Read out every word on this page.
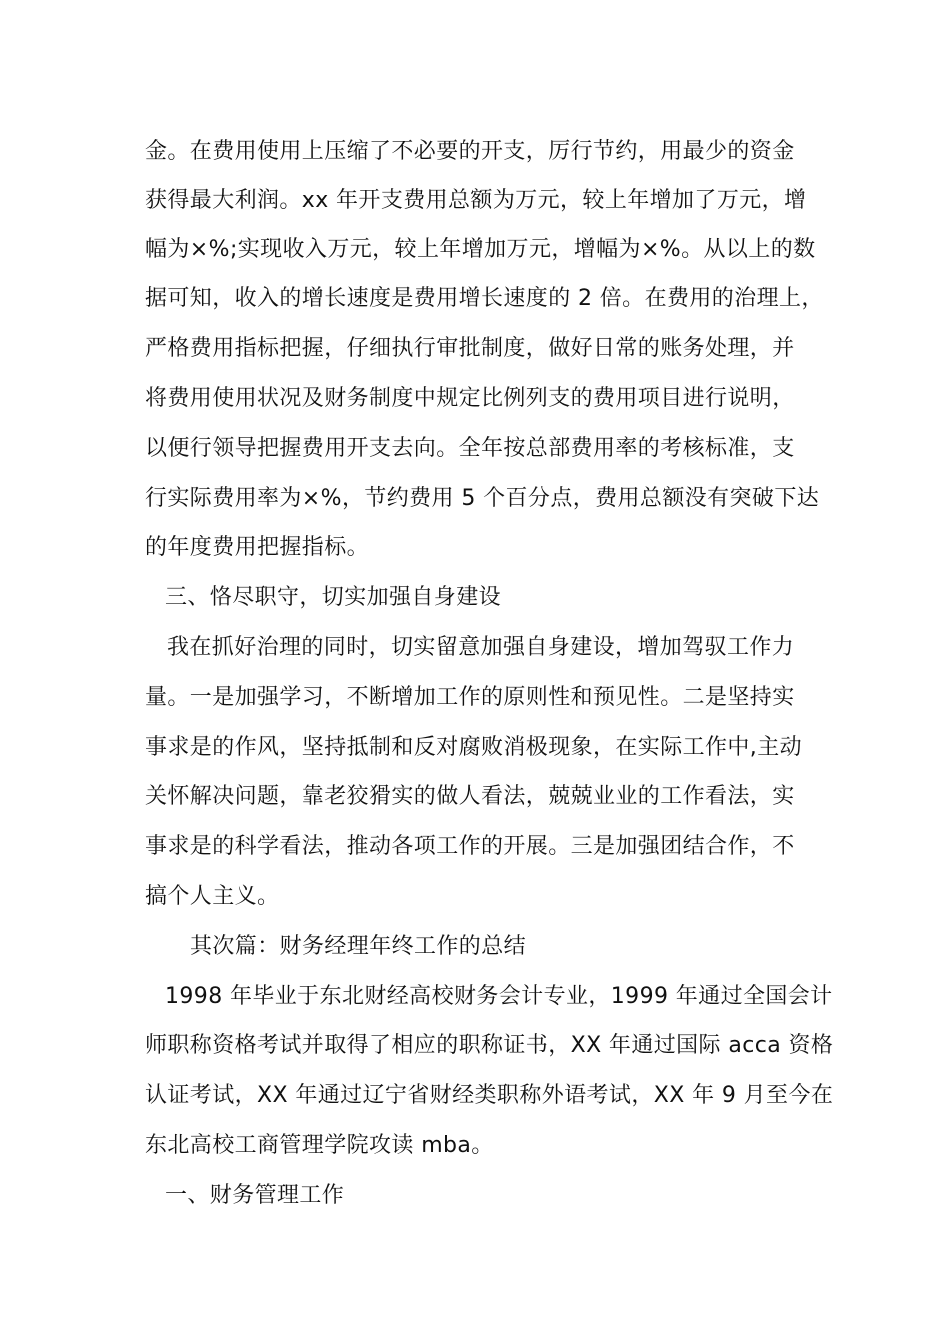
金。在费用使用上压缩了不必要的开支，厉行节约，用最少的资金
获得最大利润。xx 年开支费用总额为万元，较上年增加了万元，增
幅为×%;实现收入万元，较上年增加万元，增幅为×%。从以上的数
据可知，收入的增长速度是费用增长速度的 2 倍。在费用的治理上，
严格费用指标把握，仔细执行审批制度，做好日常的账务处理，并
将费用使用状况及财务制度中规定比例列支的费用项目进行说明，
以便行领导把握费用开支去向。全年按总部费用率的考核标准，支
行实际费用率为×%，节约费用 5 个百分点，费用总额没有突破下达
的年度费用把握指标。
三、恪尽职守，切实加强自身建设
我在抓好治理的同时，切实留意加强自身建设，增加驾驭工作力
量。一是加强学习，不断增加工作的原则性和预见性。二是坚持实
事求是的作风，坚持抵制和反对腐败消极现象，在实际工作中,主动
关怀解决问题，靠老狡猾实的做人看法，兢兢业业的工作看法，实
事求是的科学看法，推动各项工作的开展。三是加强团结合作，不
搞个人主义。
其次篇：财务经理年终工作的总结
1998 年毕业于东北财经高校财务会计专业，1999 年通过全国会计
师职称资格考试并取得了相应的职称证书，XX 年通过国际 acca 资格
认证考试，XX 年通过辽宁省财经类职称外语考试，XX 年 9 月至今在
东北高校工商管理学院攻读 mba。
一、财务管理工作
